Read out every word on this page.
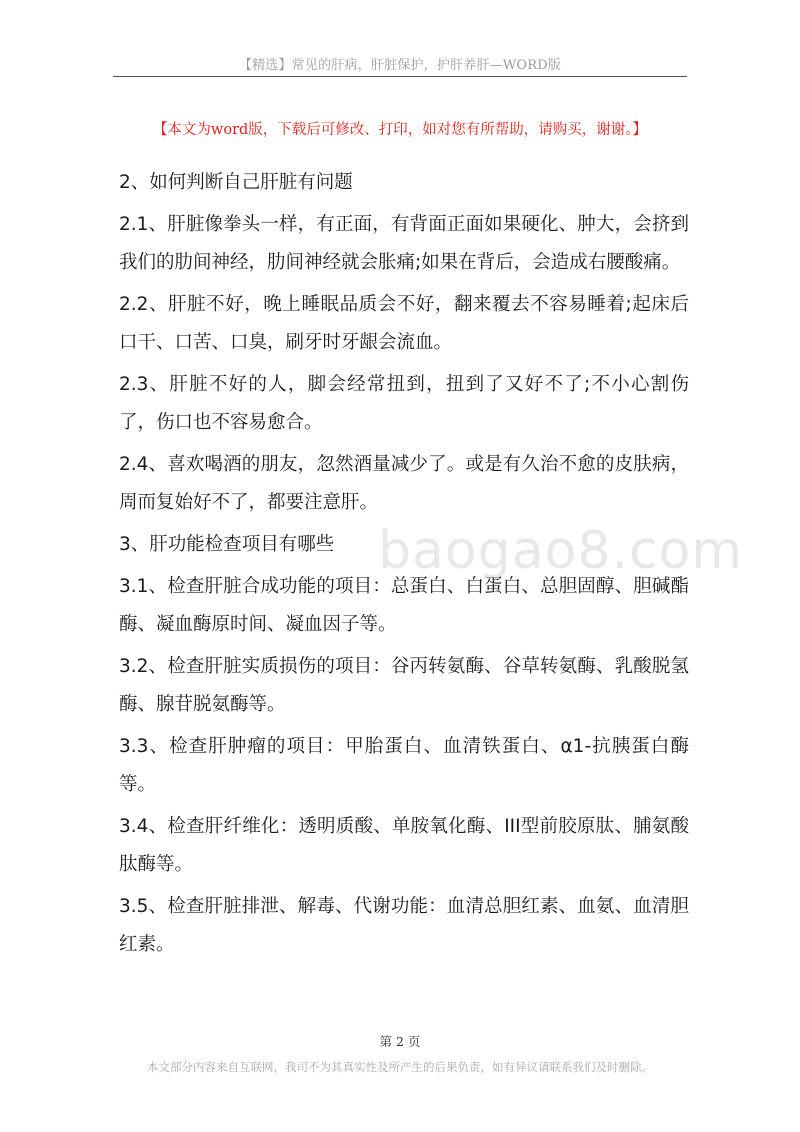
【精选】常见的肝病，肝脏保护，护肝养肝—WORD版
【本文为word版，下载后可修改、打印，如对您有所帮助，请购买，谢谢。】

2、如何判断自己肝脏有问题

2.1、肝脏像拳头一样，有正面，有背面正面如果硬化、肿大，会挤到我们的肋间神经，肋间神经就会胀痛;如果在背后，会造成右腰酸痛。

2.2、肝脏不好，晚上睡眠品质会不好，翻来覆去不容易睡着;起床后口干、口苦、口臭，刷牙时牙龈会流血。

2.3、肝脏不好的人，脚会经常扭到，扭到了又好不了;不小心割伤了，伤口也不容易愈合。

2.4、喜欢喝酒的朋友，忽然酒量减少了。或是有久治不愈的皮肤病，周而复始好不了，都要注意肝。

3、肝功能检查项目有哪些

3.1、检查肝脏合成功能的项目：总蛋白、白蛋白、总胆固醇、胆碱酯酶、凝血酶原时间、凝血因子等。

3.2、检查肝脏实质损伤的项目：谷丙转氨酶、谷草转氨酶、乳酸脱氢酶、腺苷脱氨酶等。

3.3、检查肝肿瘤的项目：甲胎蛋白、血清铁蛋白、α1-抗胰蛋白酶等。

3.4、检查肝纤维化：透明质酸、单胺氧化酶、III型前胶原肽、脯氨酸肽酶等。

3.5、检查肝脏排泄、解毒、代谢功能：血清总胆红素、血氨、血清胆红素。

baogao8.com
第 2 页
本文部分内容来自互联网，我司不为其真实性及所产生的后果负责，如有异议请联系我们及时删除。
